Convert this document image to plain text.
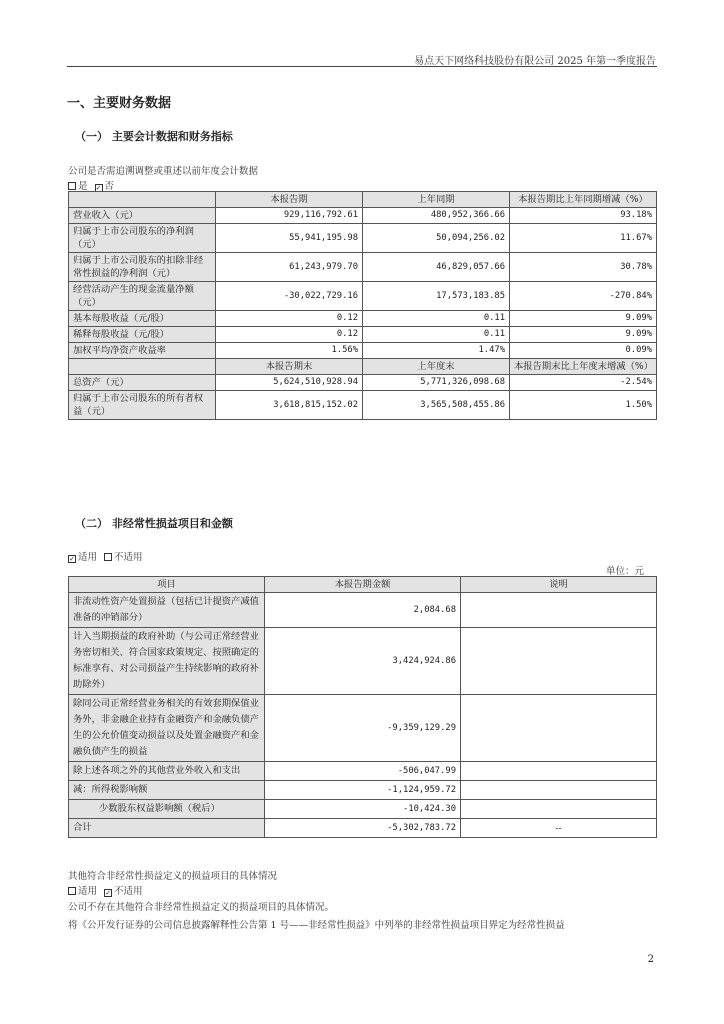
易点天下网络科技股份有限公司 2025 年第一季度报告
一、主要财务数据
（一） 主要会计数据和财务指标
公司是否需追溯调整或重述以前年度会计数据
是 ✓ 否
	本报告期	上年同期	本报告期比上年同期增减（%）
营业收入（元）	929,116,792.61	480,952,366.66	93.18%
归属于上市公司股东的净利润（元）	55,941,195.98	50,094,256.02	11.67%
归属于上市公司股东的扣除非经常性损益的净利润（元）	61,243,979.70	46,829,057.66	30.78%
经营活动产生的现金流量净额（元）	-30,022,729.16	17,573,183.85	-270.84%
基本每股收益（元/股）	0.12	0.11	9.09%
稀释每股收益（元/股）	0.12	0.11	9.09%
加权平均净资产收益率	1.56%	1.47%	0.09%
	本报告期末	上年度末	本报告期末比上年度末增减（%）
总资产（元）	5,624,510,928.94	5,771,326,098.68	-2.54%
归属于上市公司股东的所有者权益（元）	3,618,815,152.02	3,565,508,455.86	1.50%
（二） 非经常性损益项目和金额
✓ 适用 不适用
单位：元
项目	本报告期金额	说明
非流动性资产处置损益（包括已计提资产减值准备的冲销部分）	2,084.68	
计入当期损益的政府补助（与公司正常经营业务密切相关、符合国家政策规定、按照确定的标准享有、对公司损益产生持续影响的政府补助除外）	3,424,924.86	
除同公司正常经营业务相关的有效套期保值业务外，非金融企业持有金融资产和金融负债产生的公允价值变动损益以及处置金融资产和金融负债产生的损益	-9,359,129.29	
除上述各项之外的其他营业外收入和支出	-506,047.99	
减：所得税影响额	-1,124,959.72	
少数股东权益影响额（税后）	-10,424.30	
合计	-5,302,783.72	--
其他符合非经常性损益定义的损益项目的具体情况
适用 ✓ 不适用
公司不存在其他符合非经常性损益定义的损益项目的具体情况。
将《公开发行证券的公司信息披露解释性公告第 1 号——非经常性损益》中列举的非经常性损益项目界定为经常性损益
2
